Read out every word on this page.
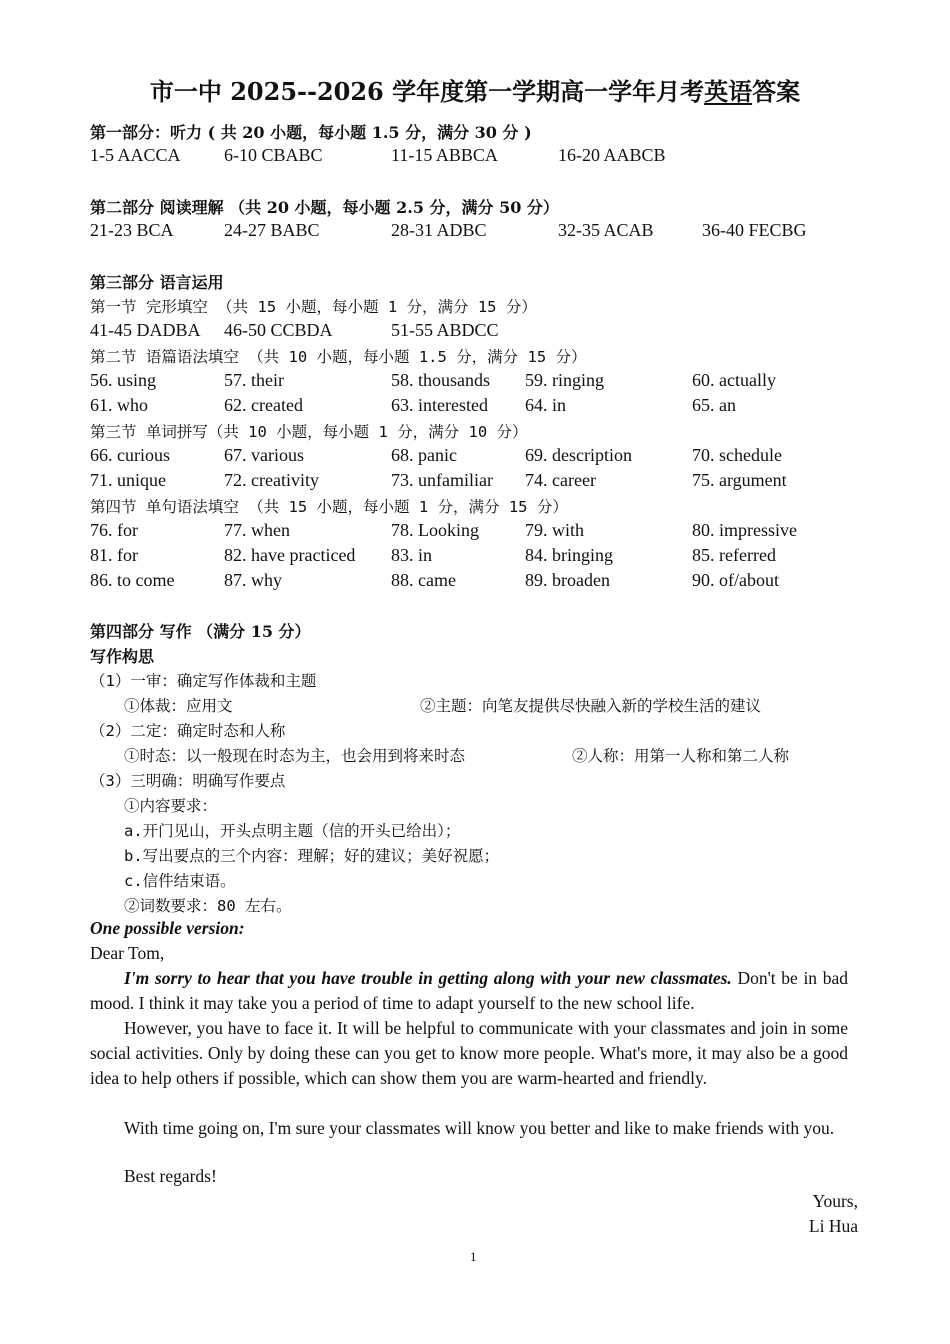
市一中 2025--2026 学年度第一学期高一学年月考英语答案
第一部分：听力 ( 共 20 小题，每小题 1.5 分，满分 30 分 )
1-5 AACCA 6-10 CBABC	11-15 ABBCA	16-20 AABCB
第二部分 阅读理解 （共 20 小题，每小题 2.5 分，满分 50 分）
21-23 BCA	24-27 BABC	28-31 ADBC	32-35 ACAB	36-40 FECBG
第三部分 语言运用
第一节 完形填空 （共 15 小题，每小题 1 分，满分 15 分）
41-45 DADBA 46-50 CCBDA	51-55 ABDCC
第二节 语篇语法填空 （共 10 小题，每小题 1.5 分，满分 15 分）
56. using	57. their	58. thousands 59. ringing	60. actually
61. who	62. created	63. interested 64. in	65. an
第三节 单词拼写（共 10 小题，每小题 1 分，满分 10 分）
66. curious	67. various	68. panic	69. description	70. schedule
71. unique	72. creativity	73. unfamiliar 74. career	75. argument
第四节 单句语法填空 （共 15 小题，每小题 1 分，满分 15 分）
76. for	77. when	78. Looking	79. with	80. impressive
81. for	82. have practiced 83. in	84. bringing	85. referred
86. to come	87. why	88. came	89. broaden	90. of/about
第四部分 写作 （满分 15 分）
写作构思
（1）一审：确定写作体裁和主题
①体裁：应用文	②主题：向笔友提供尽快融入新的学校生活的建议
（2）二定：确定时态和人称
①时态：以一般现在时态为主，也会用到将来时态	②人称：用第一人称和第二人称
（3）三明确：明确写作要点
①内容要求：
a.开门见山，开头点明主题（信的开头已给出）；
b.写出要点的三个内容：理解；好的建议；美好祝愿；
c.信件结束语。
②词数要求：80 左右。
One possible version:
Dear Tom,
I'm sorry to hear that you have trouble in getting along with your new classmates. Don't be in bad mood. I think it may take you a period of time to adapt yourself to the new school life.
However, you have to face it. It will be helpful to communicate with your classmates and join in some social activities. Only by doing these can you get to know more people. What's more, it may also be a good idea to help others if possible, which can show them you are warm-hearted and friendly.
With time going on, I'm sure your classmates will know you better and like to make friends with you.
Best regards!
Yours,
Li Hua
1
